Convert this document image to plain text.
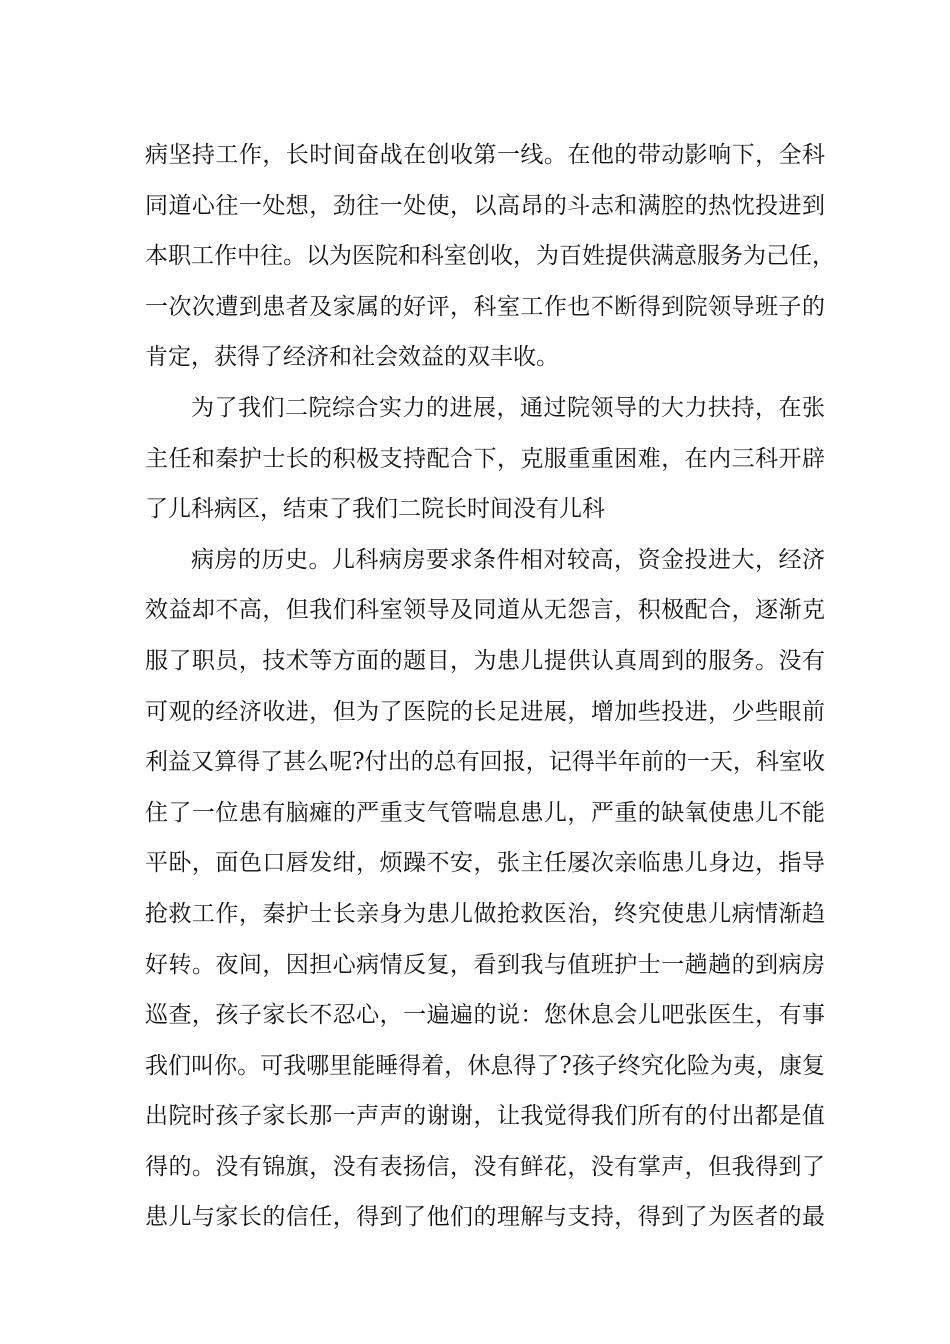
病坚持工作，长时间奋战在创收第一线。在他的带动影响下，全科
同道心往一处想，劲往一处使，以高昂的斗志和满腔的热忱投进到
本职工作中往。以为医院和科室创收，为百姓提供满意服务为己任，
一次次遭到患者及家属的好评，科室工作也不断得到院领导班子的
肯定，获得了经济和社会效益的双丰收。
为了我们二院综合实力的进展，通过院领导的大力扶持，在张
主任和秦护士长的积极支持配合下，克服重重困难，在内三科开辟
了儿科病区，结束了我们二院长时间没有儿科
病房的历史。儿科病房要求条件相对较高，资金投进大，经济
效益却不高，但我们科室领导及同道从无怨言，积极配合，逐渐克
服了职员，技术等方面的题目，为患儿提供认真周到的服务。没有
可观的经济收进，但为了医院的长足进展，增加些投进，少些眼前
利益又算得了甚么呢?付出的总有回报，记得半年前的一天，科室收
住了一位患有脑瘫的严重支气管喘息患儿，严重的缺氧使患儿不能
平卧，面色口唇发绀，烦躁不安，张主任屡次亲临患儿身边，指导
抢救工作，秦护士长亲身为患儿做抢救医治，终究使患儿病情渐趋
好转。夜间，因担心病情反复，看到我与值班护士一趟趟的到病房
巡查，孩子家长不忍心，一遍遍的说：您休息会儿吧张医生，有事
我们叫你。可我哪里能睡得着，休息得了?孩子终究化险为夷，康复
出院时孩子家长那一声声的谢谢，让我觉得我们所有的付出都是值
得的。没有锦旗，没有表扬信，没有鲜花，没有掌声，但我得到了
患儿与家长的信任，得到了他们的理解与支持，得到了为医者的最
